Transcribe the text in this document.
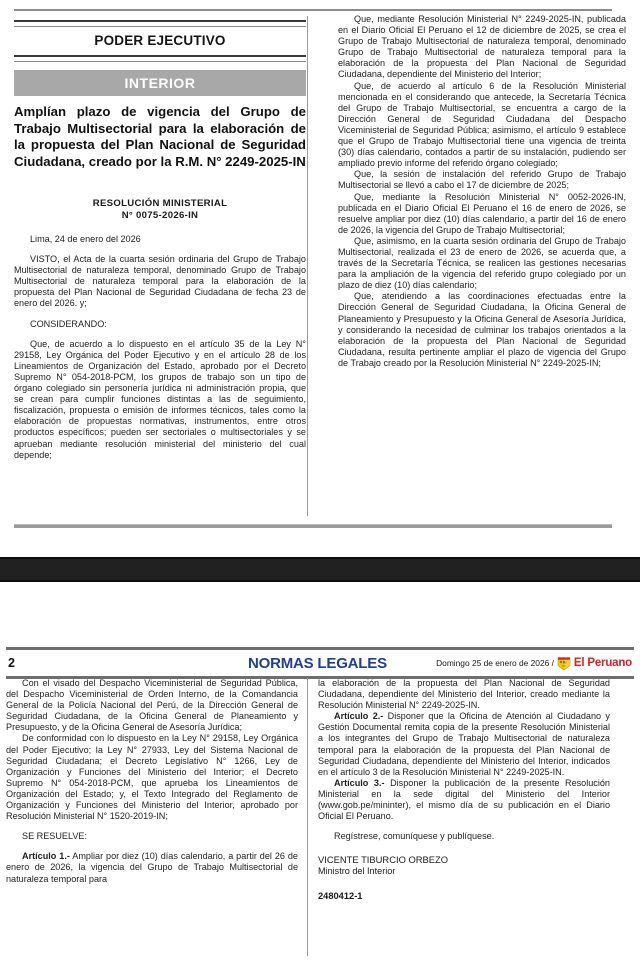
PODER EJECUTIVO
INTERIOR
Amplían plazo de vigencia del Grupo de Trabajo Multisectorial para la elaboración de la propuesta del Plan Nacional de Seguridad Ciudadana, creado por la R.M. N° 2249-2025-IN
RESOLUCIÓN MINISTERIAL
N° 0075-2026-IN

Lima, 24 de enero del 2026

VISTO, el Acta de la cuarta sesión ordinaria del Grupo de Trabajo Multisectorial de naturaleza temporal, denominado Grupo de Trabajo Multisectorial de naturaleza temporal para la elaboración de la propuesta del Plan Nacional de Seguridad Ciudadana de fecha 23 de enero del 2026. y;

CONSIDERANDO:

Que, de acuerdo a lo dispuesto en el artículo 35 de la Ley N° 29158, Ley Orgánica del Poder Ejecutivo y en el artículo 28 de los Lineamientos de Organización del Estado, aprobado por el Decreto Supremo N° 054-2018-PCM, los grupos de trabajo son un tipo de órgano colegiado sin personería jurídica ni administración propia, que se crean para cumplir funciones distintas a las de seguimiento, fiscalización, propuesta o emisión de informes técnicos, tales como la elaboración de propuestas normativas, instrumentos, entre otros productos específicos; pueden ser sectoriales o multisectoriales y se aprueban mediante resolución ministerial del ministerio del cual depende;

Que, mediante Resolución Ministerial N° 2249-2025-IN, publicada en el Diario Oficial El Peruano el 12 de diciembre de 2025, se crea el Grupo de Trabajo Multisectorial de naturaleza temporal, denominado Grupo de Trabajo Multisectorial de naturaleza temporal para la elaboración de la propuesta del Plan Nacional de Seguridad Ciudadana, dependiente del Ministerio del Interior;

Que, de acuerdo al artículo 6 de la Resolución Ministerial mencionada en el considerando que antecede, la Secretaría Técnica del Grupo de Trabajo Multisectorial, se encuentra a cargo de la Dirección General de Seguridad Ciudadana del Despacho Viceministerial de Seguridad Pública; asimismo, el artículo 9 establece que el Grupo de Trabajo Multisectorial tiene una vigencia de treinta (30) días calendario, contados a partir de su instalación, pudiendo ser ampliado previo informe del referido órgano colegiado;

Que, la sesión de instalación del referido Grupo de Trabajo Multisectorial se llevó a cabo el 17 de diciembre de 2025;

Que, mediante la Resolución Ministerial N° 0052-2026-IN, publicada en el Diario Oficial El Peruano el 16 de enero de 2026, se resuelve ampliar por diez (10) días calendario, a partir del 16 de enero de 2026, la vigencia del Grupo de Trabajo Multisectorial;

Que, asimismo, en la cuarta sesión ordinaria del Grupo de Trabajo Multisectorial, realizada el 23 de enero de 2026, se acuerda que, a través de la Secretaría Técnica, se realicen las gestiones necesarias para la ampliación de la vigencia del referido grupo colegiado por un plazo de diez (10) días calendario;

Que, atendiendo a las coordinaciones efectuadas entre la Dirección General de Seguridad Ciudadana, la Oficina General de Planeamiento y Presupuesto y la Oficina General de Asesoría Jurídica, y considerando la necesidad de culminar los trabajos orientados a la elaboración de la propuesta del Plan Nacional de Seguridad Ciudadana, resulta pertinente ampliar el plazo de vigencia del Grupo de Trabajo creado por la Resolución Ministerial N° 2249-2025-IN;

2	NORMAS LEGALES	Domingo 25 de enero de 2026 / El Peruano

Con el visado del Despacho Viceministerial de Seguridad Pública, del Despacho Viceministerial de Orden Interno, de la Comandancia General de la Policía Nacional del Perú, de la Dirección General de Seguridad Ciudadana, de la Oficina General de Planeamiento y Presupuesto, y de la Oficina General de Asesoría Jurídica;

De conformidad con lo dispuesto en la Ley N° 29158, Ley Orgánica del Poder Ejecutivo; la Ley N° 27933, Ley del Sistema Nacional de Seguridad Ciudadana; el Decreto Legislativo N° 1266, Ley de Organización y Funciones del Ministerio del Interior; el Decreto Supremo N° 054-2018-PCM, que aprueba los Lineamientos de Organización del Estado; y, el Texto Integrado del Reglamento de Organización y Funciones del Ministerio del Interior, aprobado por Resolución Ministerial N° 1520-2019-IN;

SE RESUELVE:

Artículo 1.- Ampliar por diez (10) días calendario, a partir del 26 de enero de 2026, la vigencia del Grupo de Trabajo Multisectorial de naturaleza temporal para

la elaboración de la propuesta del Plan Nacional de Seguridad Ciudadana, dependiente del Ministerio del Interior, creado mediante la Resolución Ministerial N° 2249-2025-IN.

Artículo 2.- Disponer que la Oficina de Atención al Ciudadano y Gestión Documental remita copia de la presente Resolución Ministerial a los integrantes del Grupo de Trabajo Multisectorial de naturaleza temporal para la elaboración de la propuesta del Plan Nacional de Seguridad Ciudadana, dependiente del Ministerio del Interior, indicados en el artículo 3 de la Resolución Ministerial N° 2249-2025-IN.

Artículo 3.- Disponer la publicación de la presente Resolución Ministerial en la sede digital del Ministerio del Interior (www.gob.pe/mininter), el mismo día de su publicación en el Diario Oficial El Peruano.

Regístrese, comuníquese y publíquese.

VICENTE TIBURCIO ORBEZO
Ministro del Interior
2480412-1
